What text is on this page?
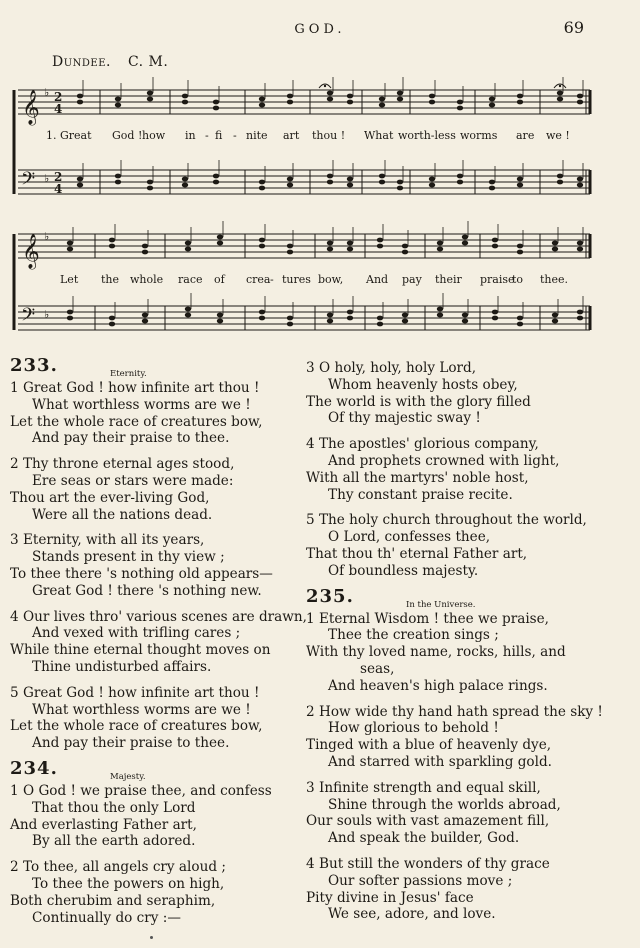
GOD.	69
Dundee. C. M.
𝄞
𝄢
♭
♭
2
4
2
4
1. Great God ! how in - fi - nite art thou ! What worth-less worms are we !
𝄞
𝄢
♭
♭
Let the whole race of crea - tures bow, And pay their praise
to thee.
233.	Eternity.
1 Great God ! how infinite art thou !
What worthless worms are we !
Let the whole race of creatures bow,
And pay their praise to thee.
2 Thy throne eternal ages stood,
Ere seas or stars were made:
Thou art the ever-living God,
Were all the nations dead.
3 Eternity, with all its years,
Stands present in thy view ;
To thee there 's nothing old appears—
Great God ! there 's nothing new.
4 Our lives thro' various scenes are drawn,
And vexed with trifling cares ;
While thine eternal thought moves on
Thine undisturbed affairs.
5 Great God ! how infinite art thou !
What worthless worms are we !
Let the whole race of creatures bow,
And pay their praise to thee.
234.	Majesty.
1 O God ! we praise thee, and confess
That thou the only Lord
And everlasting Father art,
By all the earth adored.
2 To thee, all angels cry aloud ;
To thee the powers on high,
Both cherubim and seraphim,
Continually do cry :—
3 O holy, holy, holy Lord,
Whom heavenly hosts obey,
The world is with the glory filled
Of thy majestic sway !
4 The apostles' glorious company,
And prophets crowned with light,
With all the martyrs' noble host,
Thy constant praise recite.
5 The holy church throughout the world,
O Lord, confesses thee,
That thou th' eternal Father art,
Of boundless majesty.
235.	In the Universe.
1 Eternal Wisdom ! thee we praise,
Thee the creation sings ;
With thy loved name, rocks, hills, and
seas,
And heaven's high palace rings.
2 How wide thy hand hath spread the sky !
How glorious to behold !
Tinged with a blue of heavenly dye,
And starred with sparkling gold.
3 Infinite strength and equal skill,
Shine through the worlds abroad,
Our souls with vast amazement fill,
And speak the builder, God.
4 But still the wonders of thy grace
Our softer passions move ;
Pity divine in Jesus' face
We see, adore, and love.
